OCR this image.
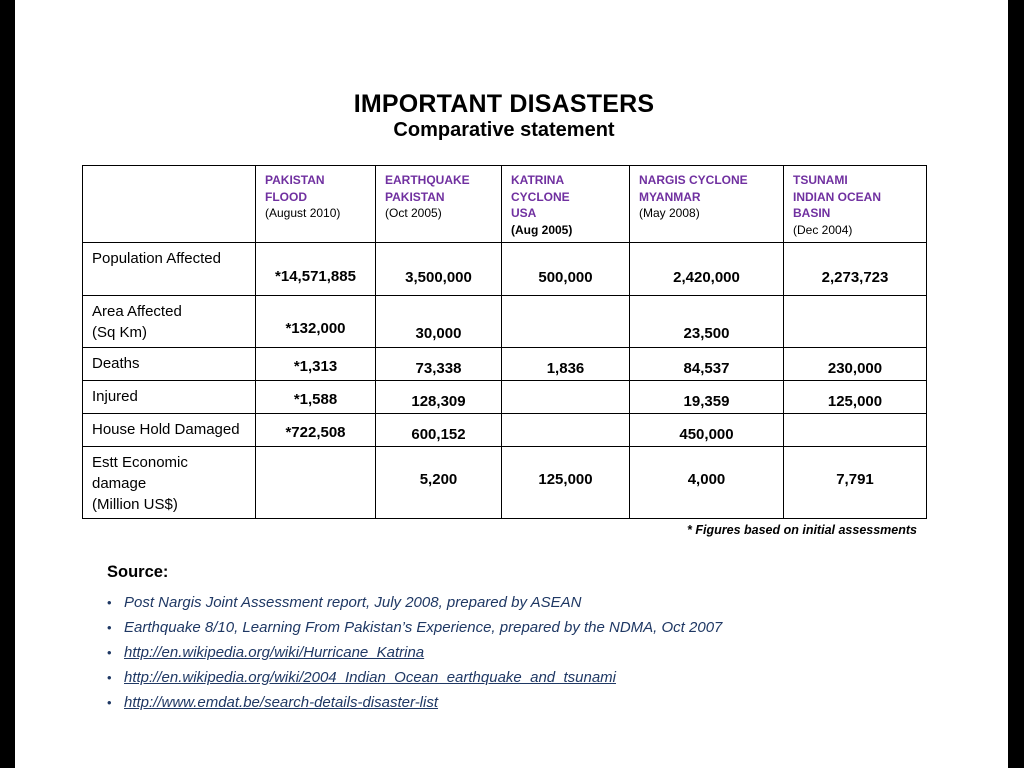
IMPORTANT DISASTERS
Comparative statement

	PAKISTAN FLOOD
(August 2010)	EARTHQUAKE
PAKISTAN
(Oct 2005)	KATRINA CYCLONE
USA
(Aug 2005)	NARGIS CYCLONE
MYANMAR
(May 2008)	TSUNAMI
INDIAN OCEAN
BASIN
(Dec 2004)

Population Affected	*14,571,885	3,500,000	500,000	2,420,000	2,273,723

Area Affected
(Sq Km)	*132,000	30,000		23,500	

Deaths	*1,313	73,338	1,836	84,537	230,000

Injured	*1,588	128,309		19,359	125,000

House Hold Damaged	*722,508	600,152		450,000	

Estt Economic
damage
(Million US$)		5,200	125,000	4,000	7,791
* Figures based on initial assessments
Source:
• Post Nargis Joint Assessment report, July 2008, prepared by ASEAN
• Earthquake 8/10, Learning From Pakistan’s Experience, prepared by the NDMA, Oct 2007
• http://en.wikipedia.org/wiki/Hurricane_Katrina
• http://en.wikipedia.org/wiki/2004_Indian_Ocean_earthquake_and_tsunami
• http://www.emdat.be/search-details-disaster-list
